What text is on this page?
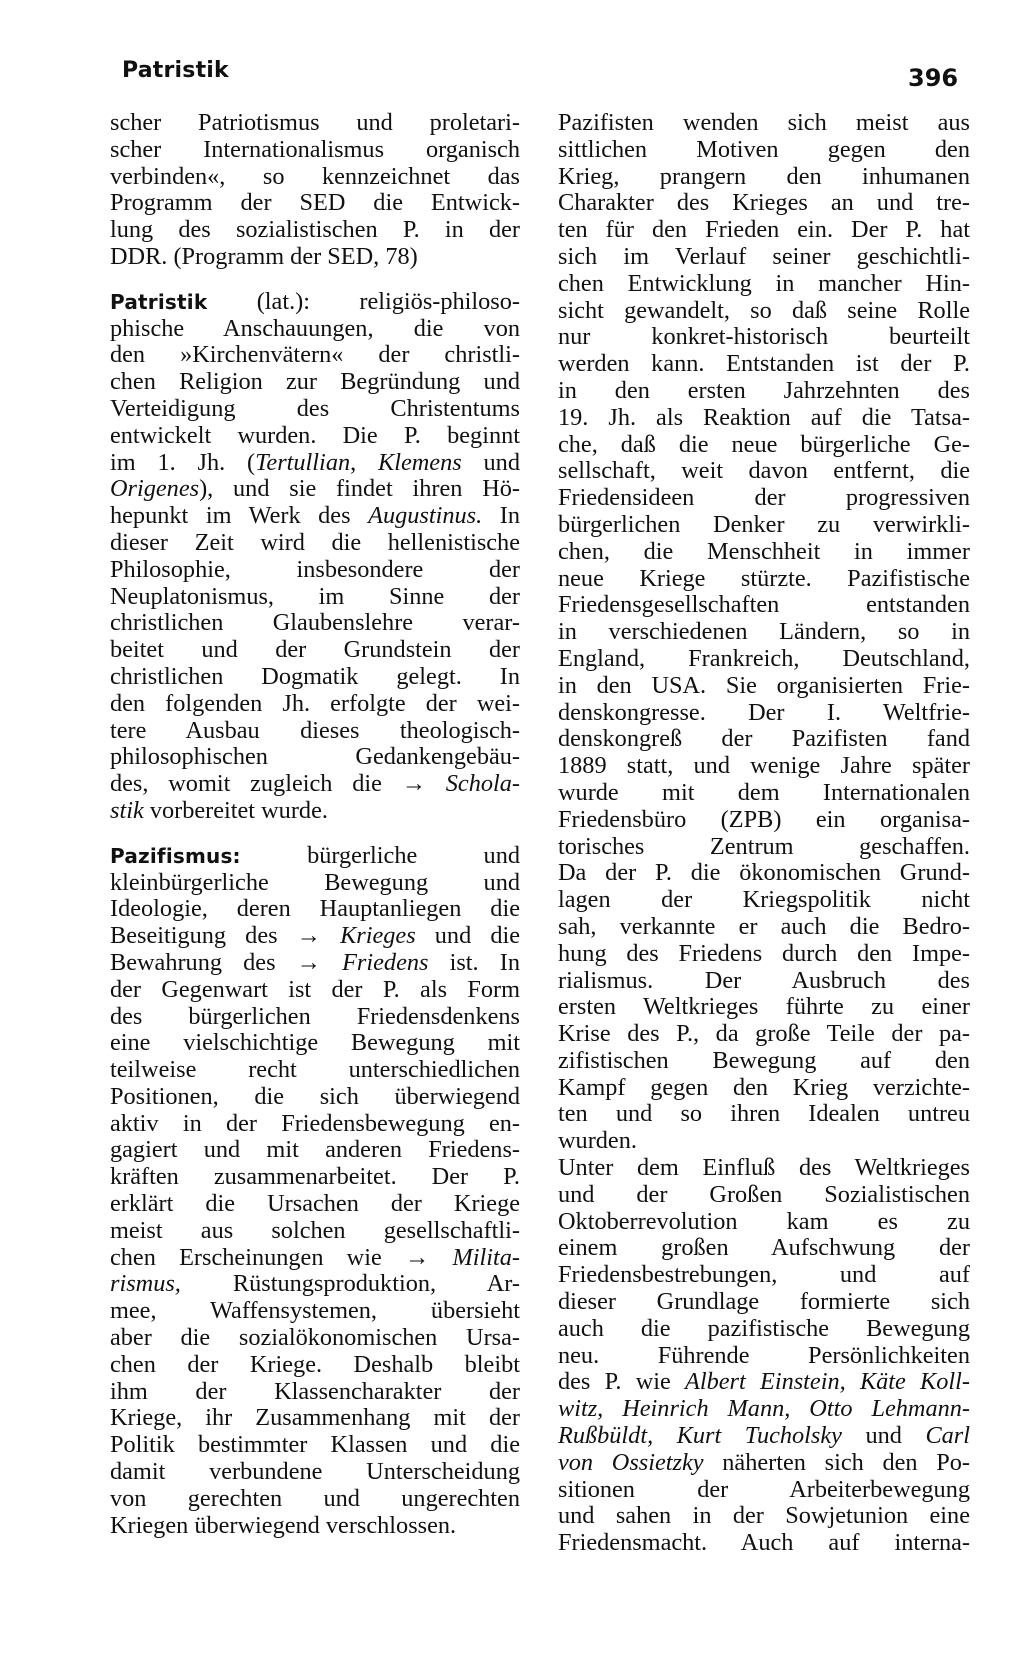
Patristik	396
scher Patriotismus und proletari-
scher Internationalismus organisch
verbinden«, so kennzeichnet das
Programm der SED die Entwick-
lung des sozialistischen P. in der
DDR. (Programm der SED, 78)
Patristik (lat.): religiös-philoso-
phische Anschauungen, die von
den »Kirchenvätern« der christli-
chen Religion zur Begründung und
Verteidigung des Christentums
entwickelt wurden. Die P. beginnt
im 1. Jh. (Tertullian, Klemens und
Origenes), und sie findet ihren Hö-
hepunkt im Werk des Augustinus. In
dieser Zeit wird die hellenistische
Philosophie, insbesondere der
Neuplatonismus, im Sinne der
christlichen Glaubenslehre verar-
beitet und der Grundstein der
christlichen Dogmatik gelegt. In
den folgenden Jh. erfolgte der wei-
tere Ausbau dieses theologisch-
philosophischen Gedankengebäu-
des, womit zugleich die → Schola-
stik vorbereitet wurde.
Pazifismus:	bürgerliche und
kleinbürgerliche Bewegung und
Ideologie, deren Hauptanliegen die
Beseitigung des → Krieges und die
Bewahrung des → Friedens ist. In
der Gegenwart ist der P. als Form
des bürgerlichen Friedensdenkens
eine vielschichtige Bewegung mit
teilweise recht unterschiedlichen
Positionen, die sich überwiegend
aktiv in der Friedensbewegung en-
gagiert und mit anderen Friedens-
kräften zusammenarbeitet. Der P.
erklärt die Ursachen der Kriege
meist aus solchen gesellschaftli-
chen Erscheinungen wie → Milita-
rismus, Rüstungsproduktion, Ar-
mee, Waffensystemen, übersieht
aber die sozialökonomischen Ursa-
chen der Kriege. Deshalb bleibt
ihm der Klassencharakter der
Kriege, ihr Zusammenhang mit der
Politik bestimmter Klassen und die
damit verbundene Unterscheidung
von gerechten und ungerechten
Kriegen überwiegend verschlossen.
Pazifisten wenden sich meist aus
sittlichen Motiven gegen den
Krieg, prangern den inhumanen
Charakter des Krieges an und tre-
ten für den Frieden ein. Der P. hat
sich im Verlauf seiner geschichtli-
chen Entwicklung in mancher Hin-
sicht gewandelt, so daß seine Rolle
nur konkret-historisch beurteilt
werden kann. Entstanden ist der P.
in den ersten Jahrzehnten des
19. Jh. als Reaktion auf die Tatsa-
che, daß die neue bürgerliche Ge-
sellschaft, weit davon entfernt, die
Friedensideen der progressiven
bürgerlichen Denker zu verwirkli-
chen, die Menschheit in immer
neue Kriege stürzte. Pazifistische
Friedensgesellschaften entstanden
in verschiedenen Ländern, so in
England, Frankreich, Deutschland,
in den USA. Sie organisierten Frie-
denskongresse. Der I. Weltfrie-
denskongreß der Pazifisten fand
1889 statt, und wenige Jahre später
wurde mit dem Internationalen
Friedensbüro (ZPB) ein organisa-
torisches Zentrum geschaffen.
Da der P. die ökonomischen Grund-
lagen der Kriegspolitik nicht
sah, verkannte er auch die Bedro-
hung des Friedens durch den Impe-
rialismus. Der Ausbruch des
ersten Weltkrieges führte zu einer
Krise des P., da große Teile der pa-
zifistischen Bewegung auf den
Kampf gegen den Krieg verzichte-
ten und so ihren Idealen untreu
wurden.
Unter dem Einfluß des Weltkrieges
und der Großen Sozialistischen
Oktoberrevolution kam es zu
einem großen Aufschwung der
Friedensbestrebungen, und auf
dieser Grundlage formierte sich
auch die pazifistische Bewegung
neu. Führende Persönlichkeiten
des P. wie Albert Einstein, Käte Koll-
witz, Heinrich Mann, Otto Lehmann-
Rußbüldt, Kurt Tucholsky und Carl
von Ossietzky näherten sich den Po-
sitionen der Arbeiterbewegung
und sahen in der Sowjetunion eine
Friedensmacht. Auch auf interna-
